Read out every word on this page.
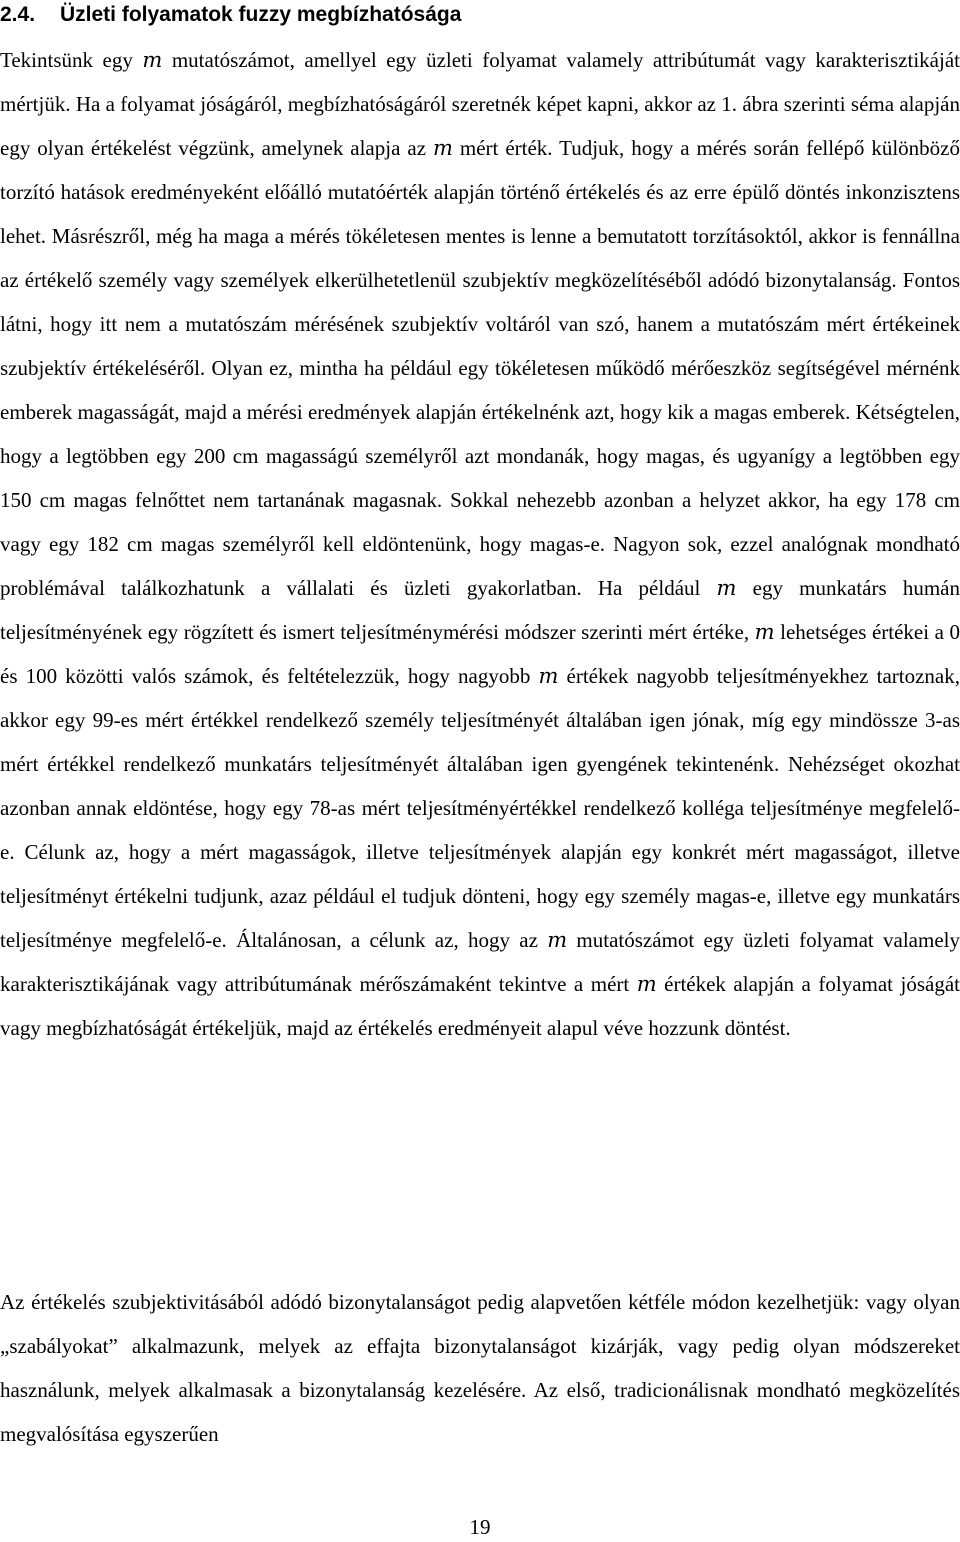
2.4. Üzleti folyamatok fuzzy megbízhatósága

Tekintsünk egy 𝑚 mutatószámot, amellyel egy üzleti folyamat valamely attribútumát vagy karakterisztikáját mértjük. Ha a folyamat jóságáról, megbízhatóságáról szeretnék képet kapni, akkor az 1. ábra szerinti séma alapján egy olyan értékelést végzünk, amelynek alapja az 𝑚 mért érték. Tudjuk, hogy a mérés során fellépő különböző torzító hatások eredményeként előálló mutatóérték alapján történő értékelés és az erre épülő döntés inkonzisztens lehet. Másrészről, még ha maga a mérés tökéletesen mentes is lenne a bemutatott torzításoktól, akkor is fennállna az értékelő személy vagy személyek elkerülhetetlenül szubjektív megközelítéséből adódó bizonytalanság. Fontos látni, hogy itt nem a mutatószám mérésének szubjektív voltáról van szó, hanem a mutatószám mért értékeinek szubjektív értékeléséről. Olyan ez, mintha ha például egy tökéletesen működő mérőeszköz segítségével mérnénk emberek magasságát, majd a mérési eredmények alapján értékelnénk azt, hogy kik a magas emberek. Kétségtelen, hogy a legtöbben egy 200 cm magasságú személyről azt mondanák, hogy magas, és ugyanígy a legtöbben egy 150 cm magas felnőttet nem tartanának magasnak. Sokkal nehezebb azonban a helyzet akkor, ha egy 178 cm vagy egy 182 cm magas személyről kell eldöntenünk, hogy magas-e. Nagyon sok, ezzel analógnak mondható problémával találkozhatunk a vállalati és üzleti gyakorlatban. Ha például 𝑚 egy munkatárs humán teljesítményének egy rögzített és ismert teljesítménymérési módszer szerinti mért értéke, 𝑚 lehetséges értékei a 0 és 100 közötti valós számok, és feltételezzük, hogy nagyobb 𝑚 értékek nagyobb teljesítményekhez tartoznak, akkor egy 99-es mért értékkel rendelkező személy teljesítményét általában igen jónak, míg egy mindössze 3-as mért értékkel rendelkező munkatárs teljesítményét általában igen gyengének tekintenénk. Nehézséget okozhat azonban annak eldöntése, hogy egy 78-as mért teljesítményértékkel rendelkező kolléga teljesítménye megfelelő-e. Célunk az, hogy a mért magasságok, illetve teljesítmények alapján egy konkrét mért magasságot, illetve teljesítményt értékelni tudjunk, azaz például el tudjuk dönteni, hogy egy személy magas-e, illetve egy munkatárs teljesítménye megfelelő-e. Általánosan, a célunk az, hogy az 𝑚 mutatószámot egy üzleti folyamat valamely karakterisztikájának vagy attribútumának mérőszámaként tekintve a mért 𝑚 értékek alapján a folyamat jóságát vagy megbízhatóságát értékeljük, majd az értékelés eredményeit alapul véve hozzunk döntést.

Az értékelés szubjektivitásából adódó bizonytalanságot pedig alapvetően kétféle módon kezelhetjük: vagy olyan „szabályokat” alkalmazunk, melyek az effajta bizonytalanságot kizárják, vagy pedig olyan módszereket használunk, melyek alkalmasak a bizonytalanság kezelésére. Az első, tradicionálisnak mondható megközelítés megvalósítása egyszerűen

19
